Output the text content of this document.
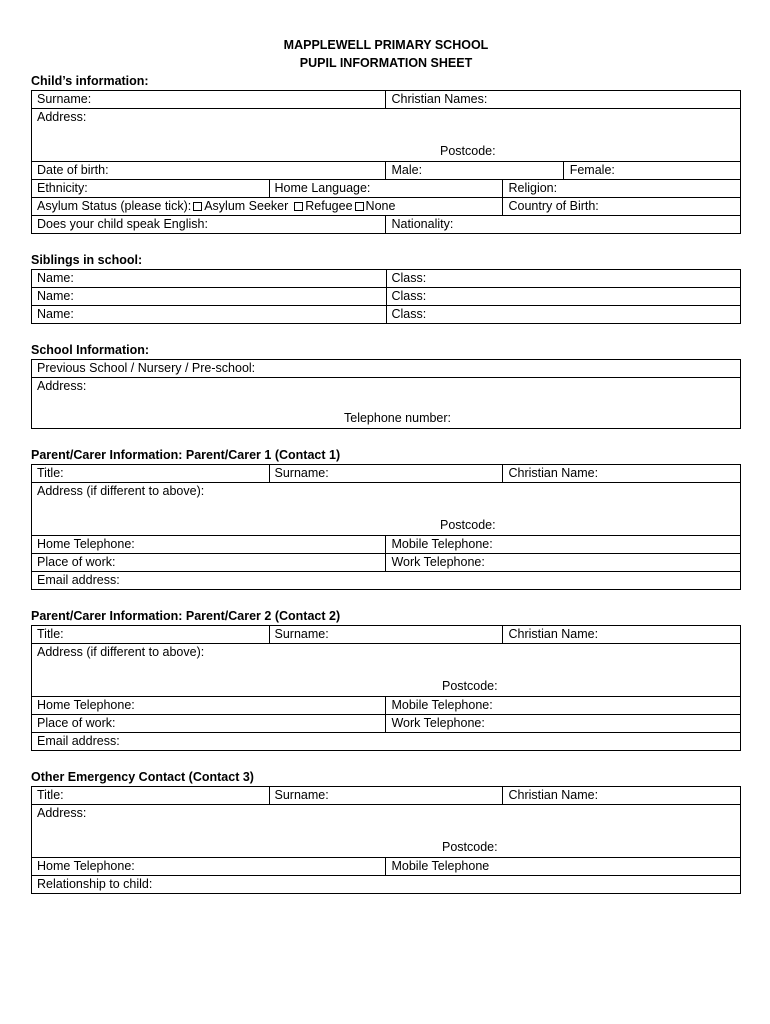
MAPPLEWELL PRIMARY SCHOOL
PUPIL INFORMATION SHEET
Child’s information:
Surname:		Christian Names:		
Address:
Postcode:				

Date of birth:		Male:		Female:
Ethnicity:	Home Language:		Religion:	
Asylum Status (please tick): Asylum Seeker Refugee None			Country of Birth:	
Does your child speak English:		Nationality:		
Siblings in school:
Name:	Class:
Name:	Class:
Name:	Class:
School Information:
Previous School / Nursery / Pre-school:
Address:
Telephone number:
Parent/Carer Information: Parent/Carer 1 (Contact 1)
Title:	Surname:		Christian Name:
Address (if different to above):
Postcode:			

Home Telephone:		Mobile Telephone:	
Place of work:		Work Telephone:	
Email address:			
Parent/Carer Information: Parent/Carer 2 (Contact 2)
Title:	Surname:		Christian Name:
Address (if different to above):
Postcode:			

Home Telephone:		Mobile Telephone:	
Place of work:		Work Telephone:	
Email address:			
Other Emergency Contact (Contact 3)
Title:	Surname:		Christian Name:
Address:
Postcode:			

Home Telephone:		Mobile Telephone	
Relationship to child:			
